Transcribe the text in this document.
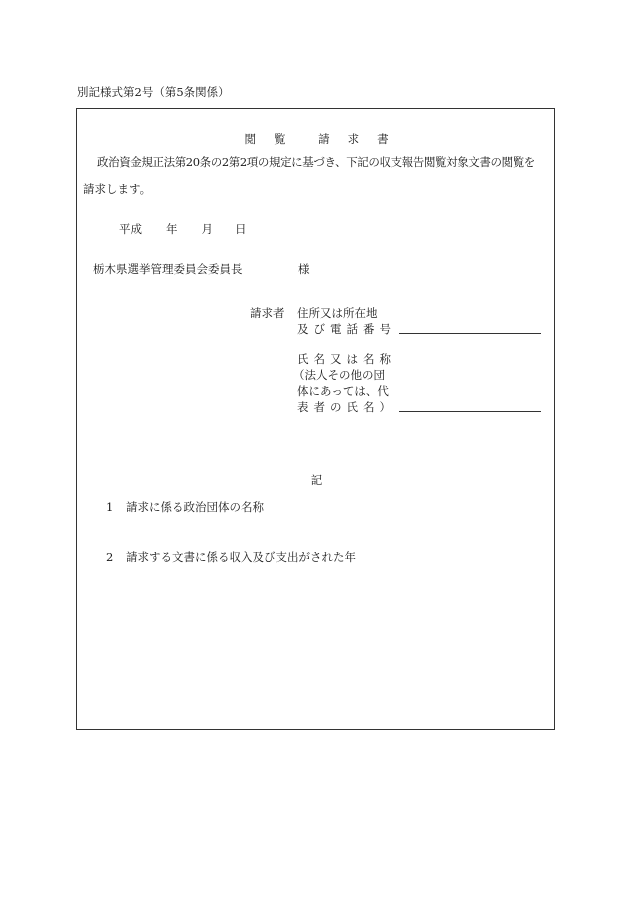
別記様式第2号（第5条関係）
閲 覧	請 求 書
政治資金規正法第20条の2第2項の規定に基づき、下記の収支報告閲覧対象文書の閲覧を
請求します。
平成 年 月 日
栃木県選挙管理委員会委員長	様
請求者 住所又は所在地
及び電話番号
氏名又は名称
（法人その他の団
体にあっては、代
表者の氏名）
記
1 請求に係る政治団体の名称
2 請求する文書に係る収入及び支出がされた年
